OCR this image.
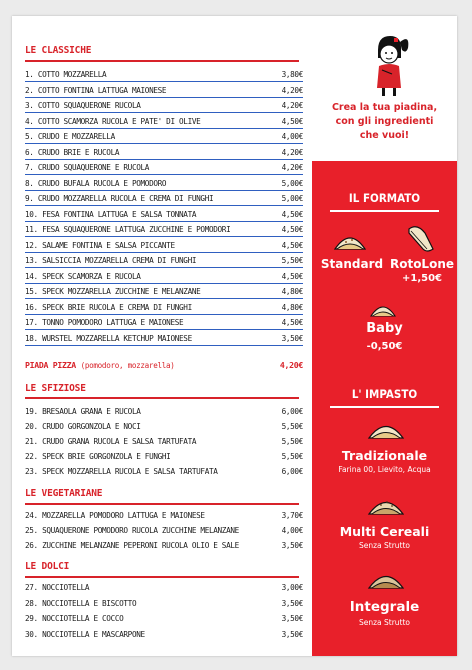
LE CLASSICHE
1. COTTO MOZZARELLA	3,80€
2. COTTO FONTINA LATTUGA MAIONESE	4,20€
3. COTTO SQUAQUERONE RUCOLA	4,20€
4. COTTO SCAMORZA RUCOLA E PATE' DI OLIVE	4,50€
5. CRUDO E MOZZARELLA	4,00€
6. CRUDO BRIE E RUCOLA	4,20€
7. CRUDO SQUAQUERONE E RUCOLA	4,20€
8. CRUDO BUFALA RUCOLA E POMODORO	5,00€
9. CRUDO MOZZARELLA RUCOLA E CREMA DI FUNGHI	5,00€
10. FESA FONTINA LATTUGA E SALSA TONNATA	4,50€
11. FESA SQUAQUERONE LATTUGA ZUCCHINE E POMODORI	4,50€
12. SALAME FONTINA E SALSA PICCANTE	4,50€
13. SALSICCIA MOZZARELLA CREMA DI FUNGHI	5,50€
14. SPECK SCAMORZA E RUCOLA	4,50€
15. SPECK MOZZARELLA ZUCCHINE E MELANZANE	4,80€
16. SPECK BRIE RUCOLA E CREMA DI FUNGHI	4,80€
17. TONNO POMODORO LATTUGA E MAIONESE	4,50€
18. WURSTEL MOZZARELLA KETCHUP MAIONESE	3,50€
PIADA PIZZA (pomodoro, mozzarella)	4,20€
LE SFIZIOSE
19. BRESAOLA GRANA E RUCOLA	6,00€
20. CRUDO GORGONZOLA E NOCI	5,50€
21. CRUDO GRANA RUCOLA E SALSA TARTUFATA	5,50€
22. SPECK BRIE GORGONZOLA E FUNGHI	5,50€
23. SPECK MOZZARELLA RUCOLA E SALSA TARTUFATA	6,00€
LE VEGETARIANE
24. MOZZARELLA POMODORO LATTUGA E MAIONESE	3,70€
25. SQUAQUERONE POMODORO RUCOLA ZUCCHINE MELANZANE	4,00€
26. ZUCCHINE MELANZANE PEPERONI RUCOLA OLIO E SALE	3,50€
LE DOLCI
27. NOCCIOTELLA	3,00€
28. NOCCIOTELLA E BISCOTTO	3,50€
29. NOCCIOTELLA E COCCO	3,50€
30. NOCCIOTELLA E MASCARPONE	3,50€
Crea la tua piadina,
con gli ingredienti
che vuoi!
IL FORMATO
Standard RotoLone
+1,50€
Baby
-0,50€
L' IMPASTO
Tradizionale
Farina 00, Lievito, Acqua
Multi Cereali
Senza Strutto
Integrale
Senza Strutto
